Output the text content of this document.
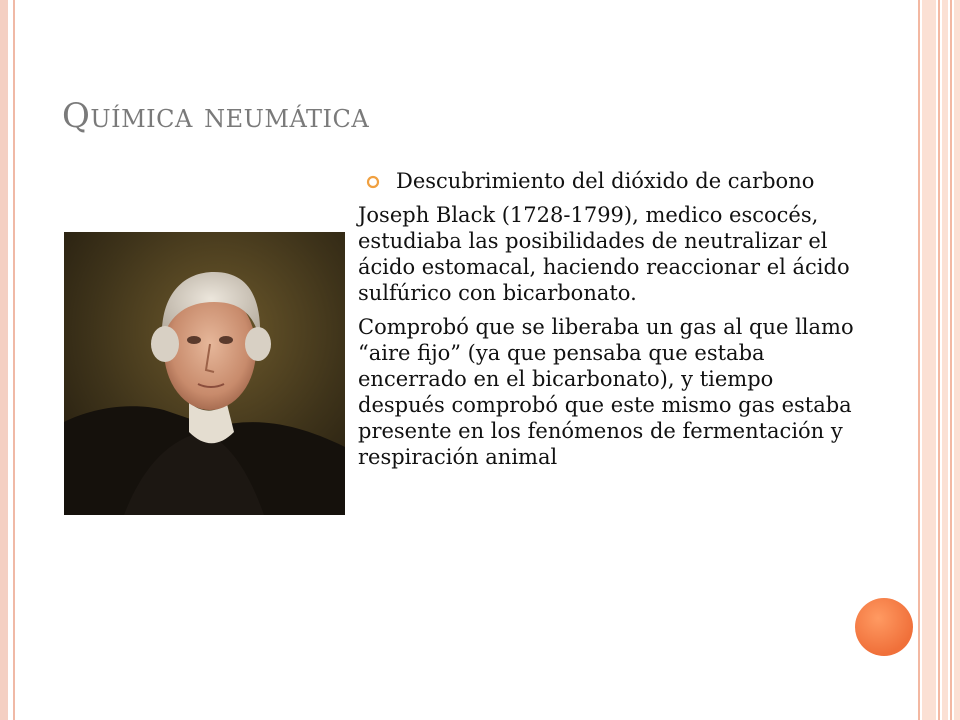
Química neumática
Descubrimiento del dióxido de carbono

Joseph Black (1728-1799), medico escocés, estudiaba las posibilidades de neutralizar el ácido estomacal, haciendo reaccionar el ácido sulfúrico con bicarbonato.

Comprobó que se liberaba un gas al que llamo “aire fijo” (ya que pensaba que estaba encerrado en el bicarbonato), y tiempo después comprobó que este mismo gas estaba presente en los fenómenos de fermentación y respiración animal
